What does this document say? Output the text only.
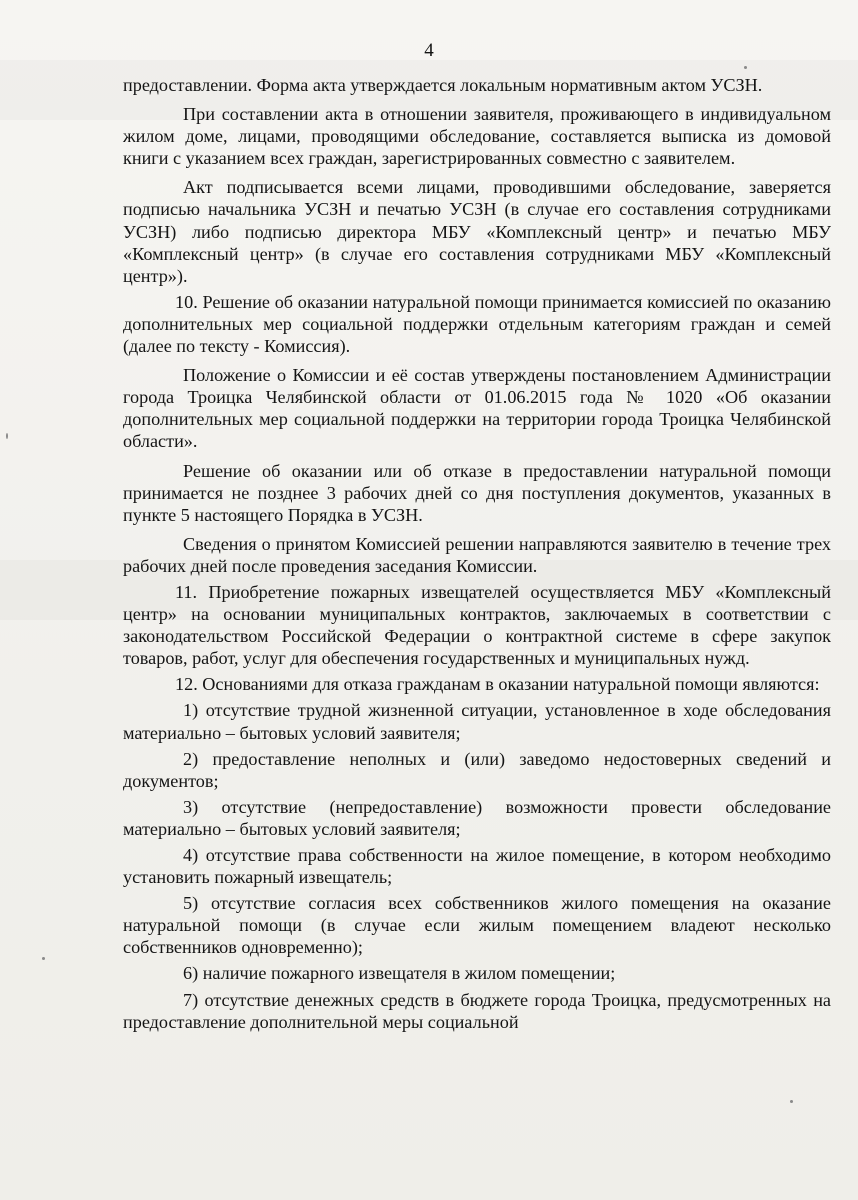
4

предоставлении. Форма акта утверждается локальным нормативным актом УСЗН.

При составлении акта в отношении заявителя, проживающего в индивидуальном жилом доме, лицами, проводящими обследование, составляется выписка из домовой книги с указанием всех граждан, зарегистрированных совместно с заявителем.

Акт подписывается всеми лицами, проводившими обследование, заверяется подписью начальника УСЗН и печатью УСЗН (в случае его составления сотрудниками УСЗН) либо подписью директора МБУ «Комплексный центр» и печатью МБУ «Комплексный центр» (в случае его составления сотрудниками МБУ «Комплексный центр»).

10. Решение об оказании натуральной помощи принимается комиссией по оказанию дополнительных мер социальной поддержки отдельным категориям граждан и семей (далее по тексту - Комиссия).

Положение о Комиссии и её состав утверждены постановлением Администрации города Троицка Челябинской области от 01.06.2015 года № 1020 «Об оказании дополнительных мер социальной поддержки на территории города Троицка Челябинской области».

Решение об оказании или об отказе в предоставлении натуральной помощи принимается не позднее 3 рабочих дней со дня поступления документов, указанных в пункте 5 настоящего Порядка в УСЗН.

Сведения о принятом Комиссией решении направляются заявителю в течение трех рабочих дней после проведения заседания Комиссии.

11. Приобретение пожарных извещателей осуществляется МБУ «Комплексный центр» на основании муниципальных контрактов, заключаемых в соответствии с законодательством Российской Федерации о контрактной системе в сфере закупок товаров, работ, услуг для обеспечения государственных и муниципальных нужд.

12. Основаниями для отказа гражданам в оказании натуральной помощи являются:

1) отсутствие трудной жизненной ситуации, установленное в ходе обследования материально – бытовых условий заявителя;

2) предоставление неполных и (или) заведомо недостоверных сведений и документов;

3) отсутствие (непредоставление) возможности провести обследование материально – бытовых условий заявителя;

4) отсутствие права собственности на жилое помещение, в котором необходимо установить пожарный извещатель;

5) отсутствие согласия всех собственников жилого помещения на оказание натуральной помощи (в случае если жилым помещением владеют несколько собственников одновременно);

6) наличие пожарного извещателя в жилом помещении;

7) отсутствие денежных средств в бюджете города Троицка, предусмотренных на предоставление дополнительной меры социальной
